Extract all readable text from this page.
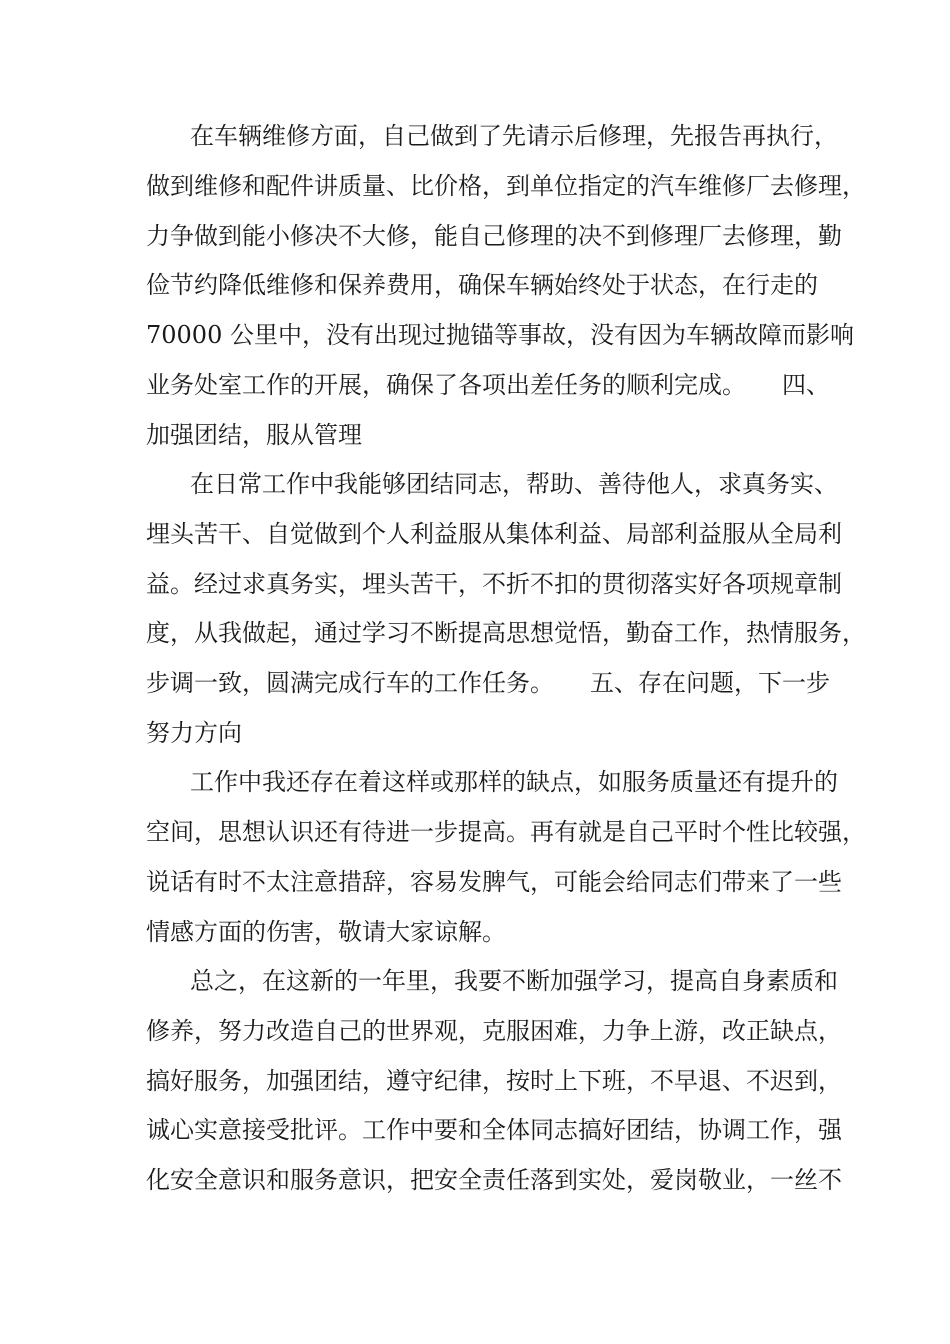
在车辆维修方面，自己做到了先请示后修理，先报告再执行，
做到维修和配件讲质量、比价格，到单位指定的汽车维修厂去修理，
力争做到能小修决不大修，能自己修理的决不到修理厂去修理，勤
俭节约降低维修和保养费用，确保车辆始终处于状态，在行走的
70000 公里中，没有出现过抛锚等事故，没有因为车辆故障而影响
业务处室工作的开展，确保了各项出差任务的顺利完成。　　四、
加强团结，服从管理
在日常工作中我能够团结同志，帮助、善待他人，求真务实、
埋头苦干、自觉做到个人利益服从集体利益、局部利益服从全局利
益。经过求真务实，埋头苦干，不折不扣的贯彻落实好各项规章制
度，从我做起，通过学习不断提高思想觉悟，勤奋工作，热情服务，
步调一致，圆满完成行车的工作任务。　　五、存在问题，下一步
努力方向
工作中我还存在着这样或那样的缺点，如服务质量还有提升的
空间，思想认识还有待进一步提高。再有就是自己平时个性比较强，
说话有时不太注意措辞，容易发脾气，可能会给同志们带来了一些
情感方面的伤害，敬请大家谅解。
总之，在这新的一年里，我要不断加强学习，提高自身素质和
修养，努力改造自己的世界观，克服困难，力争上游，改正缺点，
搞好服务，加强团结，遵守纪律，按时上下班，不早退、不迟到，
诚心实意接受批评。工作中要和全体同志搞好团结，协调工作，强
化安全意识和服务意识，把安全责任落到实处，爱岗敬业，一丝不
